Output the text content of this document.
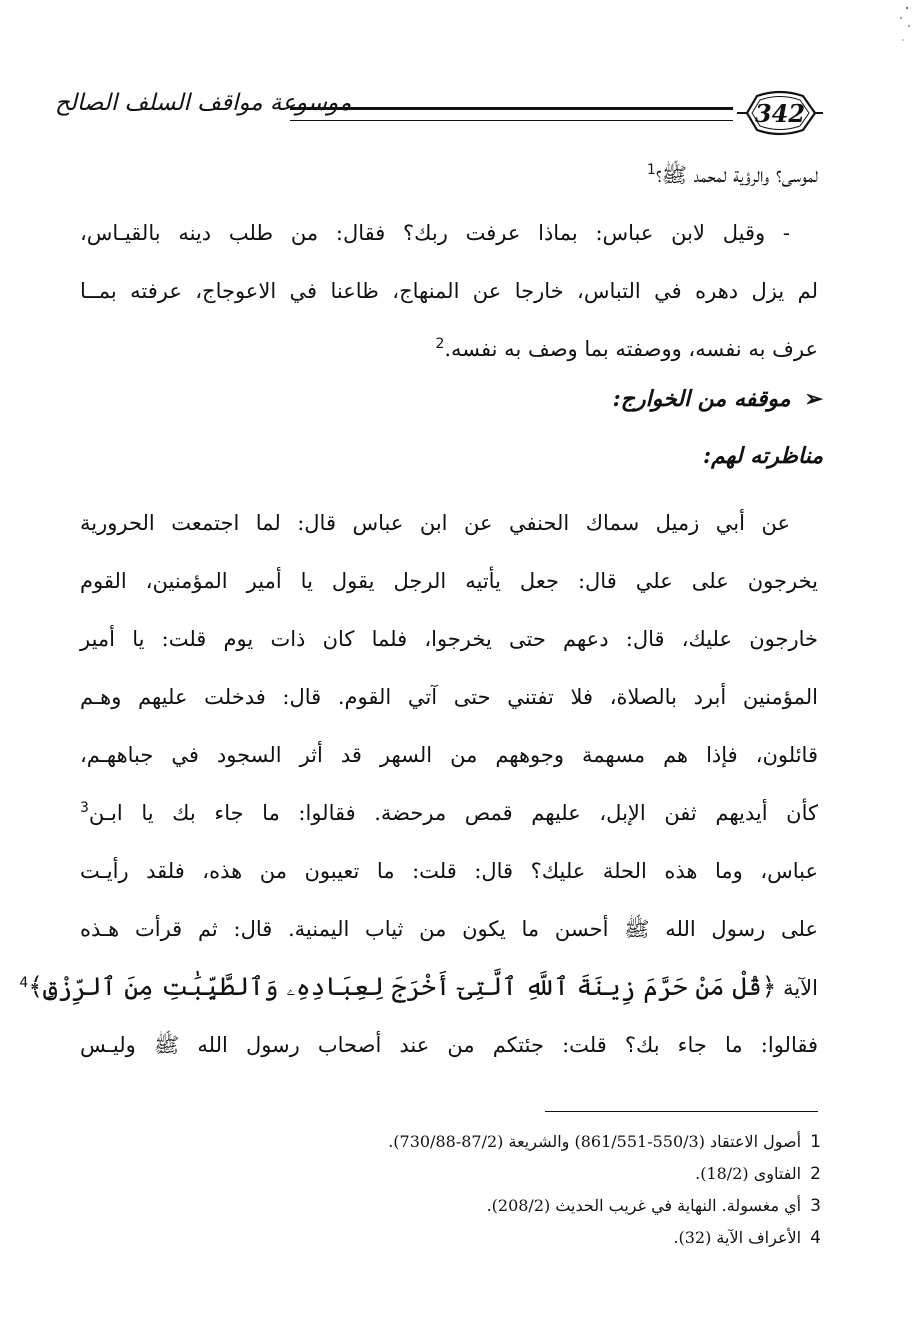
موسوعة مواقف السلف الصالح	342
لموسى؟ والرؤية لمحمد ﷺ؟$^1$
- وقيل لابن عباس: بماذا عرفت ربك؟ فقال: من طلب دينه بالقيـاس،
لم يزل دهره في التباس، خارجا عن المنهاج، ظاعنا في الاعوجاج، عرفته بمــا
عرف به نفسه، ووصفته بما وصف به نفسه.$^2$
➢موقفه من الخوارج:
مناظرته لهم:
عن أبي زميل سماك الحنفي عن ابن عباس قال: لما اجتمعت الحرورية
يخرجون على علي قال: جعل يأتيه الرجل يقول يا أمير المؤمنين، القوم
خارجون عليك، قال: دعهم حتى يخرجوا، فلما كان ذات يوم قلت: يا أمير
المؤمنين أبرد بالصلاة، فلا تفتني حتى آتي القوم. قال: فدخلت عليهم وهـم
قائلون، فإذا هم مسهمة وجوههم من السهر قد أثر السجود في جباههـم،
كأن أيديهم ثفن الإبل، عليهم قمص مرحضة. فقالوا: ما جاء بك يا ابـن$^3$
عباس، وما هذه الحلة عليك؟ قال: قلت: ما تعيبون من هذه، فلقد رأيـت
على رسول الله ﷺ أحسن ما يكون من ثياب اليمنية. قال: ثم قرأت هـذه
الآية ﴿قُلْ مَنْ حَرَّمَ زِينَةَ ٱللَّهِ ٱلَّتِىٓ أَخْرَجَ لِعِبَادِهِۦ وَٱلطَّيِّبَٰتِ مِنَ ٱلرِّزْقِ﴾$^4$
فقالوا: ما جاء بك؟ قلت: جئتكم من عند أصحاب رسول الله ﷺ وليـس
1 أصول الاعتقاد (550/3-861/551) والشريعة (87/2-730/88).
2 الفتاوى (18/2).
3 أي مغسولة. النهاية في غريب الحديث (208/2).
4 الأعراف الآية (32).
